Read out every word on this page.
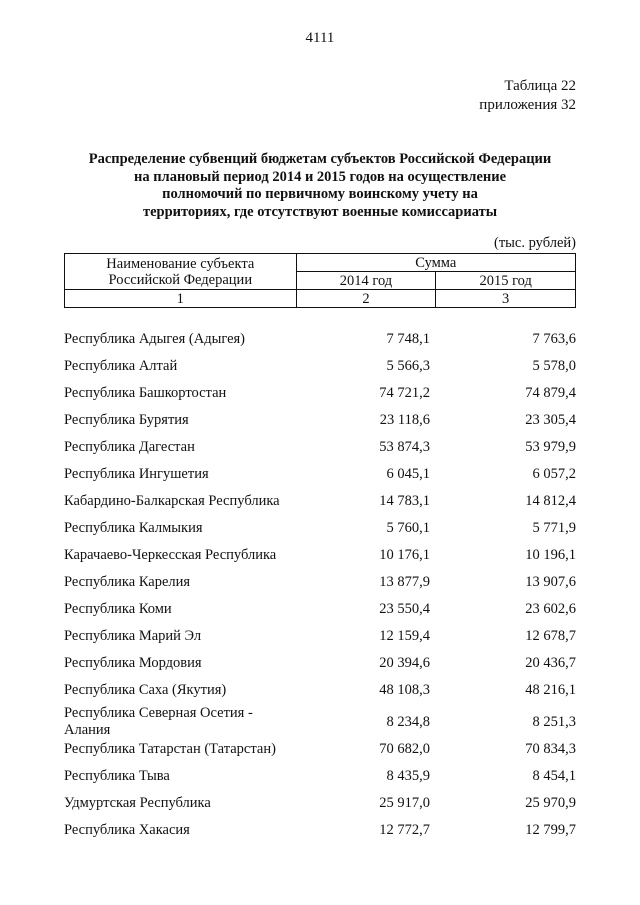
4111
Таблица 22
приложения 32
Распределение субвенций бюджетам субъектов Российской Федерации
на плановый период 2014 и 2015 годов на осуществление
полномочий по первичному воинскому учету на
территориях, где отсутствуют военные комиссариаты
(тыс. рублей)
Наименование субъекта
Российской Федерации	Сумма	
	2014 год	2015 год
1	2	3
Республика Адыгея (Адыгея)	7 748,1	7 763,6
Республика Алтай	5 566,3	5 578,0
Республика Башкортостан	74 721,2	74 879,4
Республика Бурятия	23 118,6	23 305,4
Республика Дагестан	53 874,3	53 979,9
Республика Ингушетия	6 045,1	6 057,2
Кабардино-Балкарская Республика	14 783,1	14 812,4
Республика Калмыкия	5 760,1	5 771,9
Карачаево-Черкесская Республика	10 176,1	10 196,1
Республика Карелия	13 877,9	13 907,6
Республика Коми	23 550,4	23 602,6
Республика Марий Эл	12 159,4	12 678,7
Республика Мордовия	20 394,6	20 436,7
Республика Саха (Якутия)	48 108,3	48 216,1
Республика Северная Осетия - Алания	8 234,8	8 251,3
Республика Татарстан (Татарстан)	70 682,0	70 834,3
Республика Тыва	8 435,9	8 454,1
Удмуртская Республика	25 917,0	25 970,9
Республика Хакасия	12 772,7	12 799,7
